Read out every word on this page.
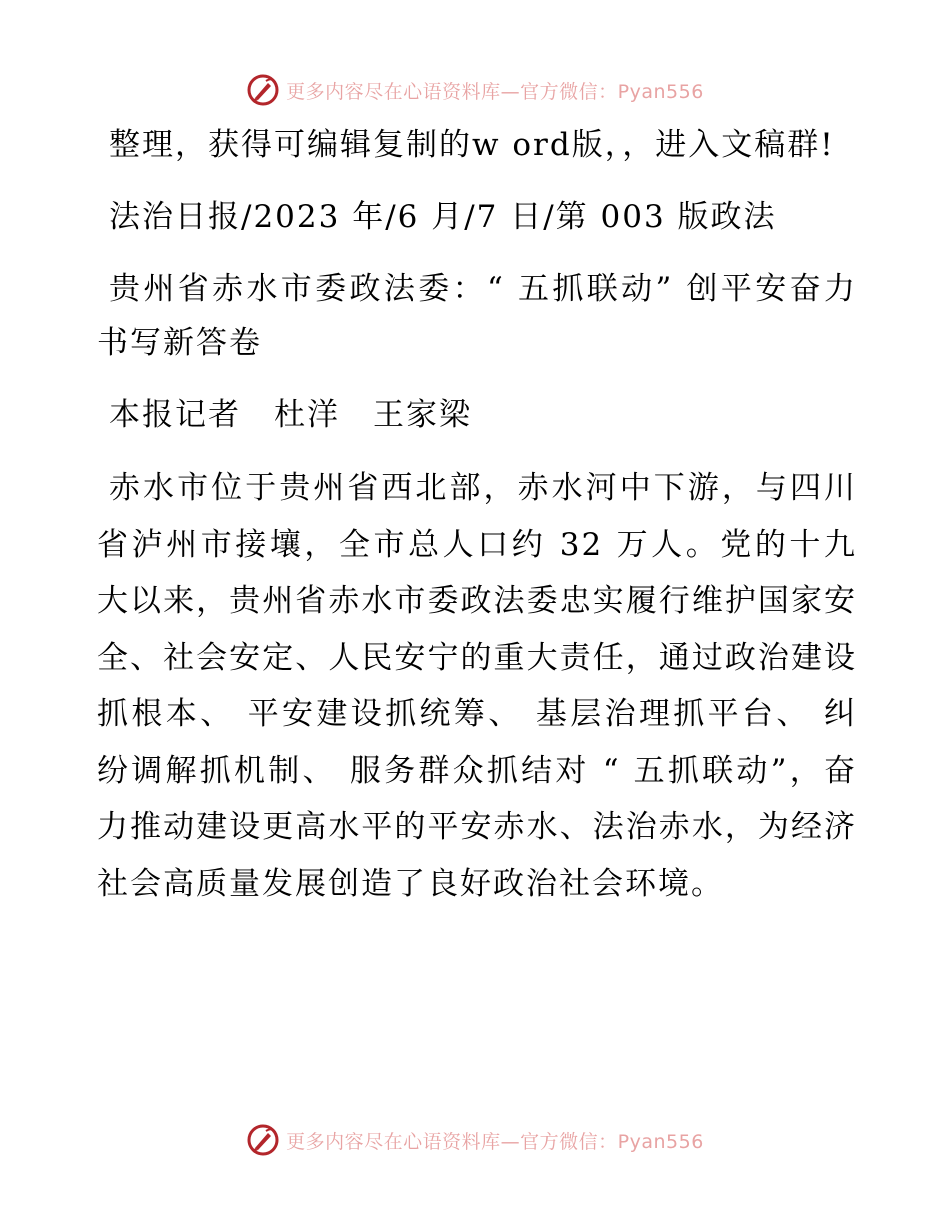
更多内容尽在心语资料库—官方微信：Pyan556

整理，获得可编辑复制的w ord版，，进入文稿群!

法治日报/2023 年/6 月/7 日/第 003 版政法

贵州省赤水市委政法委：“ 五抓联动” 创平安奋力书写新答卷

本报记者　杜洋　王家梁

赤水市位于贵州省西北部，赤水河中下游，与四川省泸州市接壤，全市总人口约 32 万人。党的十九大以来，贵州省赤水市委政法委忠实履行维护国家安全、社会安定、人民安宁的重大责任，通过政治建设抓根本、 平安建设抓统筹、 基层治理抓平台、 纠纷调解抓机制、 服务群众抓结对 “ 五抓联动”，奋力推动建设更高水平的平安赤水、法治赤水，为经济社会高质量发展创造了良好政治社会环境。

更多内容尽在心语资料库—官方微信：Pyan556
